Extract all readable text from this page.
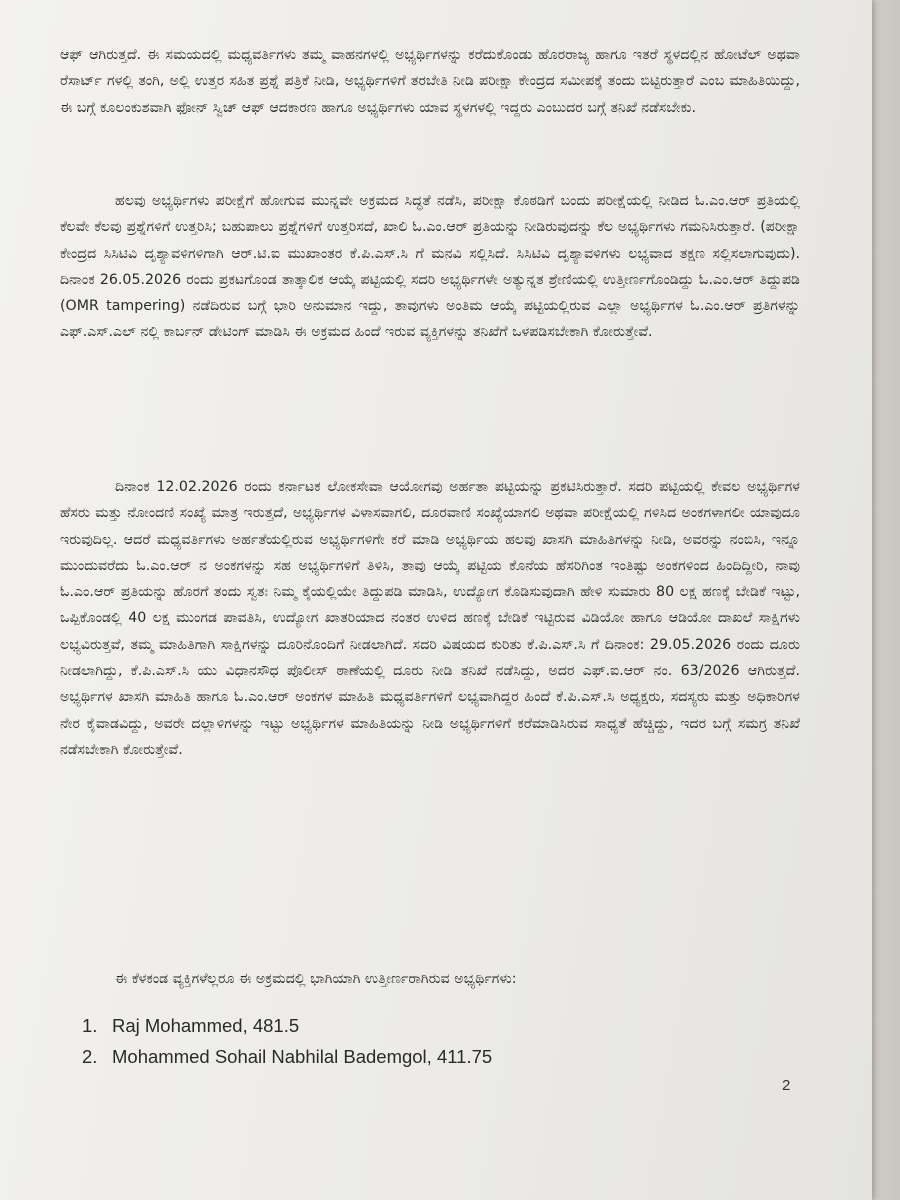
ಆಫ್ ಆಗಿರುತ್ತದೆ. ಈ ಸಮಯದಲ್ಲಿ ಮಧ್ಯವರ್ತಿಗಳು ತಮ್ಮ ವಾಹನಗಳಲ್ಲಿ ಅಭ್ಯರ್ಥಿಗಳನ್ನು ಕರೆದುಕೊಂಡು ಹೊರರಾಜ್ಯ ಹಾಗೂ ಇತರೆ ಸ್ಥಳದಲ್ಲಿನ ಹೋಟೆಲ್ ಅಥವಾ ರೆಸಾರ್ಟ್ ಗಳಲ್ಲಿ ತಂಗಿ, ಅಲ್ಲಿ ಉತ್ತರ ಸಹಿತ ಪ್ರಶ್ನೆ ಪತ್ರಿಕೆ ನೀಡಿ, ಅಭ್ಯರ್ಥಿಗಳಿಗೆ ತರಬೇತಿ ನೀಡಿ ಪರೀಕ್ಷಾ ಕೇಂದ್ರದ ಸಮೀಪಕ್ಕೆ ತಂದು ಬಿಟ್ಟಿರುತ್ತಾರೆ ಎಂಬ ಮಾಹಿತಿಯಿದ್ದು, ಈ ಬಗ್ಗೆ ಕೂಲಂಕುಶವಾಗಿ ಫೋನ್ ಸ್ವಿಚ್ ಆಫ್ ಆದಕಾರಣ ಹಾಗೂ ಅಭ್ಯರ್ಥಿಗಳು ಯಾವ ಸ್ಥಳಗಳಲ್ಲಿ ಇದ್ದರು ಎಂಬುದರ ಬಗ್ಗೆ ತನಿಖೆ ನಡೆಸಬೇಕು.
ಹಲವು ಅಭ್ಯರ್ಥಿಗಳು ಪರೀಕ್ಷೆಗೆ ಹೋಗುವ ಮುನ್ನವೇ ಅಕ್ರಮದ ಸಿದ್ಧತೆ ನಡೆಸಿ, ಪರೀಕ್ಷಾ ಕೊಠಡಿಗೆ ಬಂದು ಪರೀಕ್ಷೆಯಲ್ಲಿ ನೀಡಿದ ಓ.ಎಂ.ಆರ್ ಪ್ರತಿಯಲ್ಲಿ ಕೆಲವೇ ಕೆಲವು ಪ್ರಶ್ನೆಗಳಿಗೆ ಉತ್ತರಿಸಿ; ಬಹುಪಾಲು ಪ್ರಶ್ನೆಗಳಿಗೆ ಉತ್ತರಿಸದೆ, ಖಾಲಿ ಓ.ಎಂ.ಆರ್ ಪ್ರತಿಯನ್ನು ನೀಡಿರುವುದನ್ನು ಕೆಲ ಅಭ್ಯರ್ಥಿಗಳು ಗಮನಿಸಿರುತ್ತಾರೆ. (ಪರೀಕ್ಷಾ ಕೇಂದ್ರದ ಸಿಸಿಟಿವಿ ದೃಶ್ಯಾವಳಿಗಳಿಗಾಗಿ ಆರ್.ಟಿ.ಐ ಮುಖಾಂತರ ಕೆ.ಪಿ.ಎಸ್.ಸಿ ಗೆ ಮನವಿ ಸಲ್ಲಿಸಿದೆ. ಸಿಸಿಟಿವಿ ದೃಶ್ಯಾವಳಿಗಳು ಲಭ್ಯವಾದ ತಕ್ಷಣ ಸಲ್ಲಿಸಲಾಗುವುದು). ದಿನಾಂಕ 26.05.2026 ರಂದು ಪ್ರಕಟಗೊಂಡ ತಾತ್ಕಾಲಿಕ ಆಯ್ಕೆ ಪಟ್ಟಿಯಲ್ಲಿ ಸದರಿ ಅಭ್ಯರ್ಥಿಗಳೇ ಅತ್ಯುನ್ನತ ಶ್ರೇಣಿಯಲ್ಲಿ ಉತ್ತೀರ್ಣಗೊಂಡಿದ್ದು ಓ.ಎಂ.ಆರ್ ತಿದ್ದುಪಡಿ (OMR tampering) ನಡೆದಿರುವ ಬಗ್ಗೆ ಭಾರಿ ಅನುಮಾನ ಇದ್ದು, ತಾವುಗಳು ಅಂತಿಮ ಆಯ್ಕೆ ಪಟ್ಟಿಯಲ್ಲಿರುವ ಎಲ್ಲಾ ಅಭ್ಯರ್ಥಿಗಳ ಓ.ಎಂ.ಆರ್ ಪ್ರತಿಗಳನ್ನು ಎಫ್.ಎಸ್.ಎಲ್ ನಲ್ಲಿ ಕಾರ್ಬನ್ ಡೇಟಿಂಗ್ ಮಾಡಿಸಿ ಈ ಅಕ್ರಮದ ಹಿಂದೆ ಇರುವ ವ್ಯಕ್ತಿಗಳನ್ನು ತನಿಖೆಗೆ ಒಳಪಡಿಸಬೇಕಾಗಿ ಕೋರುತ್ತೇವೆ.
ದಿನಾಂಕ 12.02.2026 ರಂದು ಕರ್ನಾಟಕ ಲೋಕಸೇವಾ ಆಯೋಗವು ಅರ್ಹತಾ ಪಟ್ಟಿಯನ್ನು ಪ್ರಕಟಿಸಿರುತ್ತಾರೆ. ಸದರಿ ಪಟ್ಟಿಯಲ್ಲಿ ಕೇವಲ ಅಭ್ಯರ್ಥಿಗಳ ಹೆಸರು ಮತ್ತು ನೋಂದಣಿ ಸಂಖ್ಯೆ ಮಾತ್ರ ಇರುತ್ತದೆ, ಅಭ್ಯರ್ಥಿಗಳ ವಿಳಾಸವಾಗಲಿ, ದೂರವಾಣಿ ಸಂಖ್ಯೆಯಾಗಲಿ ಅಥವಾ ಪರೀಕ್ಷೆಯಲ್ಲಿ ಗಳಿಸಿದ ಅಂಕಗಳಾಗಲೀ ಯಾವುದೂ ಇರುವುದಿಲ್ಲ. ಆದರೆ ಮಧ್ಯವರ್ತಿಗಳು ಅರ್ಹತೆಯಲ್ಲಿರುವ ಅಭ್ಯರ್ಥಿಗಳಿಗೇ ಕರೆ ಮಾಡಿ ಅಭ್ಯರ್ಥಿಯ ಹಲವು ಖಾಸಗಿ ಮಾಹಿತಿಗಳನ್ನು ನೀಡಿ, ಅವರನ್ನು ನಂಬಿಸಿ, ಇನ್ನೂ ಮುಂದುವರೆದು ಓ.ಎಂ.ಆರ್ ನ ಅಂಕಗಳನ್ನು ಸಹ ಅಭ್ಯರ್ಥಿಗಳಿಗೆ ತಿಳಿಸಿ, ತಾವು ಆಯ್ಕೆ ಪಟ್ಟಿಯ ಕೊನೆಯ ಹೆಸರಿಗಿಂತ ಇಂತಿಷ್ಟು ಅಂಕಗಳಿಂದ ಹಿಂದಿದ್ದೀರಿ, ನಾವು ಓ.ಎಂ.ಆರ್ ಪ್ರತಿಯನ್ನು ಹೊರಗೆ ತಂದು ಸ್ವತಃ ನಿಮ್ಮ ಕೈಯಲ್ಲಿಯೇ ತಿದ್ದುಪಡಿ ಮಾಡಿಸಿ, ಉದ್ಯೋಗ ಕೊಡಿಸುವುದಾಗಿ ಹೇಳಿ ಸುಮಾರು 80 ಲಕ್ಷ ಹಣಕ್ಕೆ ಬೇಡಿಕೆ ಇಟ್ಟು, ಒಪ್ಪಿಕೊಂಡಲ್ಲಿ 40 ಲಕ್ಷ ಮುಂಗಡ ಪಾವತಿಸಿ, ಉದ್ಯೋಗ ಖಾತರಿಯಾದ ನಂತರ ಉಳಿದ ಹಣಕ್ಕೆ ಬೇಡಿಕೆ ಇಟ್ಟಿರುವ ವಿಡಿಯೋ ಹಾಗೂ ಆಡಿಯೋ ದಾಖಲೆ ಸಾಕ್ಷಿಗಳು ಲಭ್ಯವಿರುತ್ತವೆ, ತಮ್ಮ ಮಾಹಿತಿಗಾಗಿ ಸಾಕ್ಷಿಗಳನ್ನು ದೂರಿನೊಂದಿಗೆ ನೀಡಲಾಗಿದೆ. ಸದರಿ ವಿಷಯದ ಕುರಿತು ಕೆ.ಪಿ.ಎಸ್.ಸಿ ಗೆ ದಿನಾಂಕ: 29.05.2026 ರಂದು ದೂರು ನೀಡಲಾಗಿದ್ದು, ಕೆ.ಪಿ.ಎಸ್.ಸಿ ಯು ವಿಧಾನಸೌಧ ಪೊಲೀಸ್ ಠಾಣೆಯಲ್ಲಿ ದೂರು ನೀಡಿ ತನಿಖೆ ನಡೆಸಿದ್ದು, ಅದರ ಎಫ್.ಐ.ಆರ್ ನಂ. 63/2026 ಆಗಿರುತ್ತದೆ. ಅಭ್ಯರ್ಥಿಗಳ ಖಾಸಗಿ ಮಾಹಿತಿ ಹಾಗೂ ಓ.ಎಂ.ಆರ್ ಅಂಕಗಳ ಮಾಹಿತಿ ಮಧ್ಯವರ್ತಿಗಳಿಗೆ ಲಭ್ಯವಾಗಿದ್ದರ ಹಿಂದೆ ಕೆ.ಪಿ.ಎಸ್.ಸಿ ಅಧ್ಯಕ್ಷರು, ಸದಸ್ಯರು ಮತ್ತು ಅಧಿಕಾರಿಗಳ ನೇರ ಕೈವಾಡವಿದ್ದು, ಅವರೇ ದಲ್ಲಾಳಿಗಳನ್ನು ಇಟ್ಟು ಅಭ್ಯರ್ಥಿಗಳ ಮಾಹಿತಿಯನ್ನು ನೀಡಿ ಅಭ್ಯರ್ಥಿಗಳಿಗೆ ಕರೆಮಾಡಿಸಿರುವ ಸಾಧ್ಯತೆ ಹೆಚ್ಚಿದ್ದು, ಇದರ ಬಗ್ಗೆ ಸಮಗ್ರ ತನಿಖೆ ನಡೆಸಬೇಕಾಗಿ ಕೋರುತ್ತೇವೆ.
ಈ ಕೆಳಕಂಡ ವ್ಯಕ್ತಿಗಳೆಲ್ಲರೂ ಈ ಅಕ್ರಮದಲ್ಲಿ ಭಾಗಿಯಾಗಿ ಉತ್ತೀರ್ಣರಾಗಿರುವ ಅಭ್ಯರ್ಥಿಗಳು:
1. Raj Mohammed, 481.5
2. Mohammed Sohail Nabhilal Bademgol, 411.75
2
